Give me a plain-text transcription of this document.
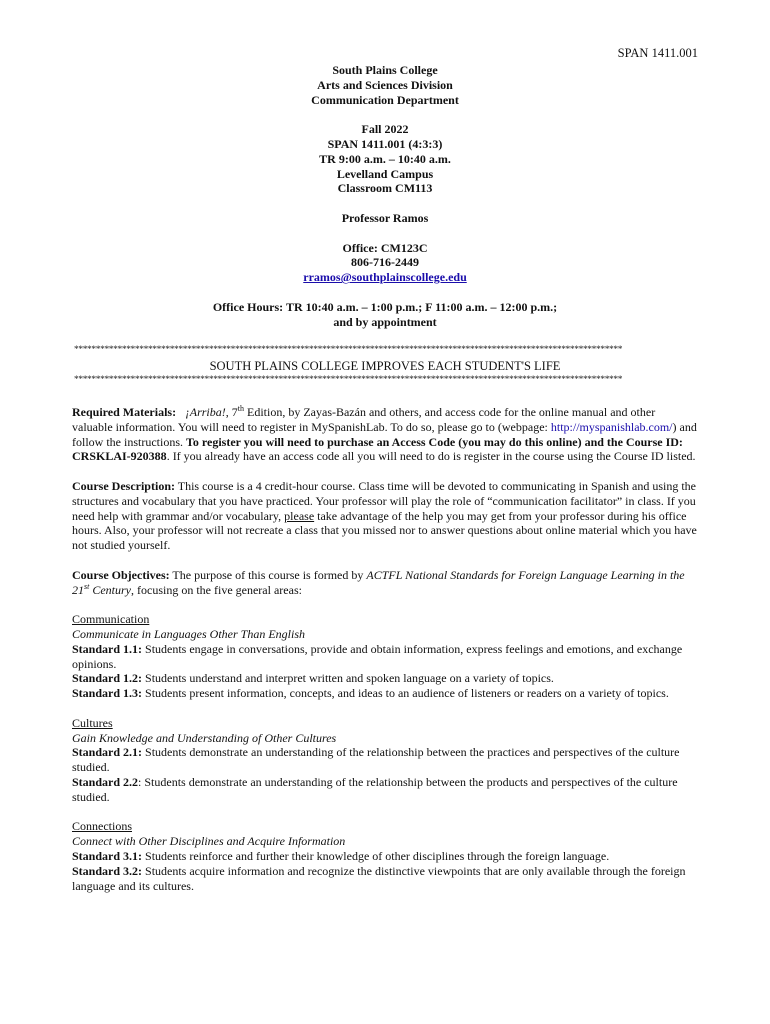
SPAN 1411.001
South Plains College
Arts and Sciences Division
Communication Department
Fall 2022
SPAN 1411.001 (4:3:3)
TR 9:00 a.m. – 10:40 a.m.
Levelland Campus
Classroom CM113
Professor Ramos
Office: CM123C
806-716-2449
rramos@southplainscollege.edu
Office Hours: TR 10:40 a.m. – 1:00 p.m.; F 11:00 a.m. – 12:00 p.m.;
and by appointment
******************************************************************************************************************************
SOUTH PLAINS COLLEGE IMPROVES EACH STUDENT'S LIFE
******************************************************************************************************************************

Required Materials: ¡Arriba!, 7th Edition, by Zayas-Bazán and others, and access code for the online manual and other valuable information. You will need to register in MySpanishLab. To do so, please go to (webpage: http://myspanishlab.com/) and follow the instructions. To register you will need to purchase an Access Code (you may do this online) and the Course ID: CRSKLAI-920388. If you already have an access code all you will need to do is register in the course using the Course ID listed.

Course Description: This course is a 4 credit-hour course. Class time will be devoted to communicating in Spanish and using the structures and vocabulary that you have practiced. Your professor will play the role of “communication facilitator” in class. If you need help with grammar and/or vocabulary, please take advantage of the help you may get from your professor during his office hours. Also, your professor will not recreate a class that you missed nor to answer questions about online material which you have not studied yourself.

Course Objectives: The purpose of this course is formed by ACTFL National Standards for Foreign Language Learning in the 21st Century, focusing on the five general areas:

Communication
Communicate in Languages Other Than English
Standard 1.1: Students engage in conversations, provide and obtain information, express feelings and emotions, and exchange opinions.
Standard 1.2: Students understand and interpret written and spoken language on a variety of topics.
Standard 1.3: Students present information, concepts, and ideas to an audience of listeners or readers on a variety of topics.
Cultures
Gain Knowledge and Understanding of Other Cultures
Standard 2.1: Students demonstrate an understanding of the relationship between the practices and perspectives of the culture studied.
Standard 2.2: Students demonstrate an understanding of the relationship between the products and perspectives of the culture studied.
Connections
Connect with Other Disciplines and Acquire Information
Standard 3.1: Students reinforce and further their knowledge of other disciplines through the foreign language.
Standard 3.2: Students acquire information and recognize the distinctive viewpoints that are only available through the foreign language and its cultures.
